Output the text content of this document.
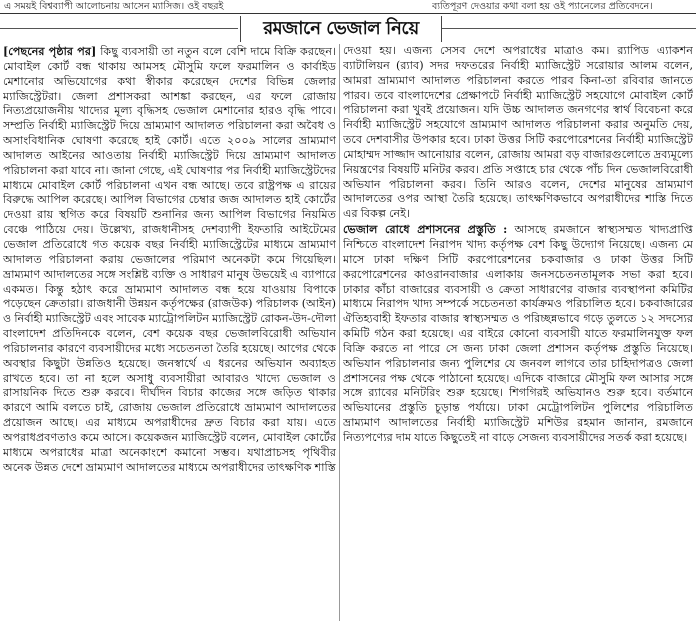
এ সময়ই বিশ্বব্যাপী আলোচনায় আসেন ম্যাসিজ। ওই বছরই	ব্যতিপূরণ দেওয়ার কথা বলা হয় ওই প্যানেলের প্রতিবেদনে।
রমজানে ভেজাল নিয়ে

[পেছনের পৃষ্ঠার পর] কিছু ব্যবসায়ী তা নতুন বলে বেশি দামে বিক্রি করছেন। মোবাইল কোর্ট বন্ধ থাকায় আমসহ মৌসুমি ফলে ফরমালিন ও কার্বাইড মেশানোর অভিযোগের কথা স্বীকার করেছেন দেশের বিভিন্ন জেলার ম্যাজিস্ট্রেটরা। জেলা প্রশাসকরা আশঙ্কা করছেন, এর ফলে রোজায় নিত্যপ্রয়োজনীয় খাদ্যের মূল্য বৃদ্ধিসহ ভেজাল মেশানোর হারও বৃদ্ধি পাবে। সম্প্রতি নির্বাহী ম্যাজিস্ট্রেট দিয়ে ভ্রাম্যমাণ আদালত পরিচালনা করা অবৈধ ও অসাংবিধানিক ঘোষণা করেছে হাই কোর্ট। এতে ২০০৯ সালের ভ্রাম্যমাণ আদালত আইনের আওতায় নির্বাহী ম্যাজিস্ট্রেট দিয়ে ভ্রাম্যমাণ আদালত পরিচালনা করা যাবে না। জানা গেছে, এই ঘোষণার পর নির্বাহী ম্যাজিস্ট্রেটদের মাধ্যমে মোবাইল কোর্ট পরিচালনা এখন বন্ধ আছে। তবে রাষ্ট্রপক্ষ এ রায়ের বিরুদ্ধে আপিল করেছে। আপিল বিভাগের চেম্বার জজ আদালত হাই কোর্টের দেওয়া রায় স্থগিত করে বিষয়টি শুনানির জন্য আপিল বিভাগের নিয়মিত বেঞ্চে পাঠিয়ে দেয়। উল্লেখ্য, রাজধানীসহ দেশব্যাপী ইফতারি আইটেমের ভেজাল প্রতিরোধে গত কয়েক বছর নির্বাহী ম্যাজিস্ট্রেটের মাধ্যমে ভ্রাম্যমাণ আদালত পরিচালনা করায় ভেজালের পরিমাণ অনেকটা কমে গিয়েছিল। ভ্রাম্যমাণ আদালতের সঙ্গে সংশ্লিষ্ট ব্যক্তি ও সাধারণ মানুষ উভয়েই এ ব্যাপারে একমত। কিন্তু হঠাৎ করে ভ্রাম্যমাণ আদালত বন্ধ হয়ে যাওয়ায় বিপাকে পড়েছেন ক্রেতারা। রাজধানী উন্নয়ন কর্তৃপক্ষের (রাজউক) পরিচালক (আইন) ও নির্বাহী ম্যাজিস্ট্রেট এবং সাবেক ম্যাট্রোপলিটন ম্যাজিস্ট্রেট রোকন-উদ-দৌলা বাংলাদেশ প্রতিদিনকে বলেন, বেশ কয়েক বছর ভেজালবিরোধী অভিযান পরিচালনার কারণে ব্যবসায়ীদের মধ্যে সচেতনতা তৈরি হয়েছে। আগের থেকে অবস্থার কিছুটা উন্নতিও হয়েছে। জনস্বার্থে এ ধরনের অভিযান অব্যাহত রাখতে হবে। তা না হলে অসাধু ব্যবসায়ীরা আবারও খাদ্যে ভেজাল ও রাসায়নিক দিতে শুরু করবে। দীর্ঘদিন বিচার কাজের সঙ্গে জড়িত থাকার কারণে আমি বলতে চাই, রোজায় ভেজাল প্রতিরোধে ভ্রাম্যমাণ আদালতের প্রয়োজন আছে। এর মাধ্যমে অপরাধীদের দ্রুত বিচার করা যায়। এতে অপরাধপ্রবণতাও কমে আসে। কয়েকজন ম্যাজিস্ট্রেট বলেন, মোবাইল কোর্টের মাধ্যমে অপরাধের মাত্রা অনেকাংশে কমানো সম্ভব। যথাপ্রাচসহ পৃথিবীর অনেক উন্নত দেশে ভ্রাম্যমাণ আদালতের মাধ্যমে অপরাধীদের তাৎক্ষণিক শাস্তি

দেওয়া হয়। এজন্য সেসব দেশে অপরাধের মাত্রাও কম। র‌্যাপিড এ্যাকশন ব্যাটালিয়ন (র‌্যাব) সদর দফতরের নির্বাহী ম্যাজিস্ট্রেট সরোয়ার আলম বলেন, আমরা ভ্রাম্যমাণ আদালত পরিচালনা করতে পারব কিনা-তা রবিবার জানতে পারব। তবে বাংলাদেশের প্রেক্ষাপটে নির্বাহী ম্যাজিস্ট্রেট সহযোগে মোবাইল কোর্ট পরিচালনা করা খুবই প্রয়োজন। যদি উচ্চ আদালত জনগণের স্বার্থ বিবেচনা করে নির্বাহী ম্যাজিস্ট্রেট সহযোগে ভ্রাম্যমাণ আদালত পরিচালনা করার অনুমতি দেয়, তবে দেশবাসীর উপকার হবে। ঢাকা উত্তর সিটি করপোরেশনের নির্বাহী ম্যাজিস্ট্রেট মোহাম্মদ সাজ্জাদ আনোয়ার বলেন, রোজায় আমরা বড় বাজারগুলোতে দ্রব্যমূল্যে নিয়ন্ত্রণের বিষয়টি মনিটর করব। প্রতি সপ্তাহে চার থেকে পাঁচ দিন ভেজালবিরোধী অভিযান পরিচালনা করব। তিনি আরও বলেন, দেশের মানুষের ভ্রাম্যমাণ আদালতের ওপর আস্থা তৈরি হয়েছে। তাৎক্ষণিকভাবে অপরাধীদের শাস্তি দিতে এর বিকল্প নেই।

ভেজাল রোধে প্রশাসনের প্রস্তুতি : আসছে রমজানে স্বাস্থ্যসম্মত খাদ্যপ্রাপ্তি নিশ্চিতে বাংলাদেশ নিরাপদ খাদ্য কর্তৃপক্ষ বেশ কিছু উদ্যোগ নিয়েছে। এজন্য মে মাসে ঢাকা দক্ষিণ সিটি করপোরেশনের চকবাজার ও ঢাকা উত্তর সিটি করপোরেশনের কাওরানবাজার এলাকায় জনসচেতনতামূলক সভা করা হবে। ঢাকার কাঁচা বাজারের ব্যবসায়ী ও ক্রেতা সাধারণের বাজার ব্যবস্থাপনা কমিটির মাধ্যমে নিরাপদ খাদ্য সম্পর্কে সচেতনতা কার্যক্রমও পরিচালিত হবে। চকবাজারের ঐতিহ্যবাহী ইফতার বাজার স্বাস্থ্যসম্মত ও পরিচ্ছন্নভাবে গড়ে তুলতে ১২ সদস্যের কমিটি গঠন করা হয়েছে। এর বাইরে কোনো ব্যবসায়ী যাতে ফরমালিনযুক্ত ফল বিক্রি করতে না পারে সে জন্য ঢাকা জেলা প্রশাসন কর্তৃপক্ষ প্রস্তুতি নিয়েছে। অভিযান পরিচালনার জন্য পুলিশের যে জনবল লাগবে তার চাহিদাপত্রও জেলা প্রশাসনের পক্ষ থেকে পাঠানো হয়েছে। এদিকে বাজারে মৌসুমি ফল আসার সঙ্গে সঙ্গে র‌্যাবের মনিটরিং শুরু হয়েছে। শিগগিরই অভিযানও শুরু হবে। বর্তমানে অভিযানের প্রস্তুতি চূড়ান্ত পর্যায়ে। ঢাকা মেট্রোপলিটন পুলিশের পরিচালিত ভ্রাম্যমাণ আদালতের নির্বাহী ম্যাজিস্ট্রেট মশিউর রহমান জানান, রমজানে নিত্যপণ্যের দাম যাতে কিছুতেই না বাড়ে সেজন্য ব্যবসায়ীদের সতর্ক করা হয়েছে।
